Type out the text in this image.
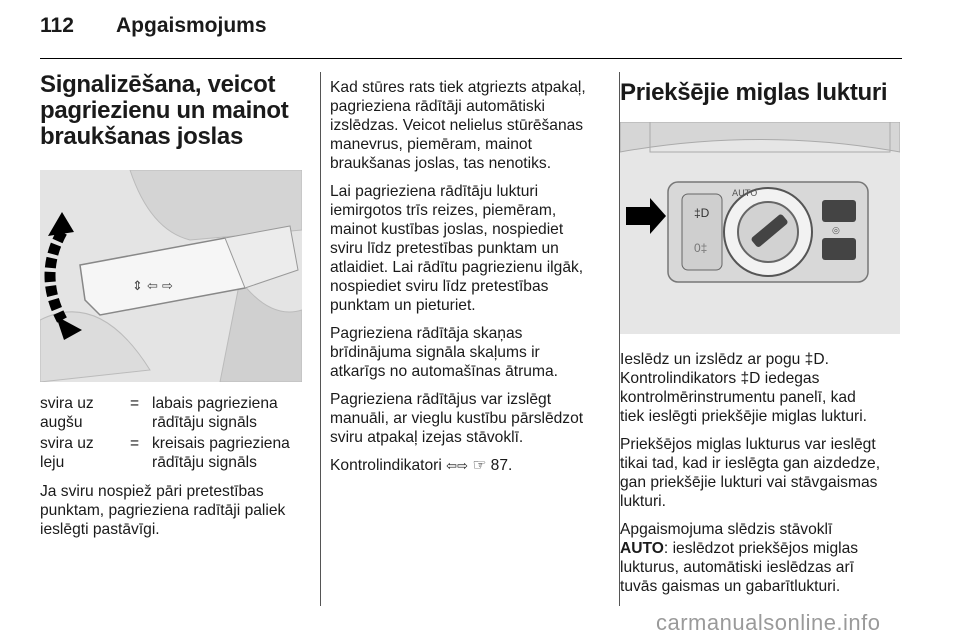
112 Apgaismojums
Signalizēšana, veicot
pagriezienu un mainot
braukšanas joslas
⇕ ⇦ ⇨
svira uz
augšu
= labais pagrieziena
rādītāju signāls
svira uz
leju
= kreisais pagrieziena
rādītāju signāls

Ja sviru nospiež pāri pretestības
punktam, pagrieziena radītāji paliek
ieslēgti pastāvīgi.

Kad stūres rats tiek atgriezts atpakaļ,
pagrieziena rādītāji automātiski
izslēdzas. Veicot nelielus stūrēšanas
manevrus, piemēram, mainot
braukšanas joslas, tas nenotiks.

Lai pagrieziena rādītāju lukturi
iemirgotos trīs reizes, piemēram,
mainot kustības joslas, nospiediet
sviru līdz pretestības punktam un
atlaidiet. Lai rādītu pagriezienu ilgāk,
nospiediet sviru līdz pretestības
punktam un pieturiet.

Pagrieziena rādītāja skaņas
brīdinājuma signāla skaļums ir
atkarīgs no automašīnas ātruma.

Pagrieziena rādītājus var izslēgt
manuāli, ar vieglu kustību pārslēdzot
sviru atpakaļ izejas stāvoklī.

Kontrolindikatori ⇦⇨ ☞ 87.

Priekšējie miglas lukturi
‡D
0‡
AUTO
◎

Ieslēdz un izslēdz ar pogu ‡D.
Kontrolindikators ‡D iedegas
kontrolmērinstrumentu panelī, kad
tiek ieslēgti priekšējie miglas lukturi.

Priekšējos miglas lukturus var ieslēgt
tikai tad, kad ir ieslēgta gan aizdedze,
gan priekšējie lukturi vai stāvgaismas
lukturi.

Apgaismojuma slēdzis stāvoklī
AUTO: ieslēdzot priekšējos miglas
lukturus, automātiski ieslēdzas arī
tuvās gaismas un gabarītlukturi.

carmanualsonline.info
